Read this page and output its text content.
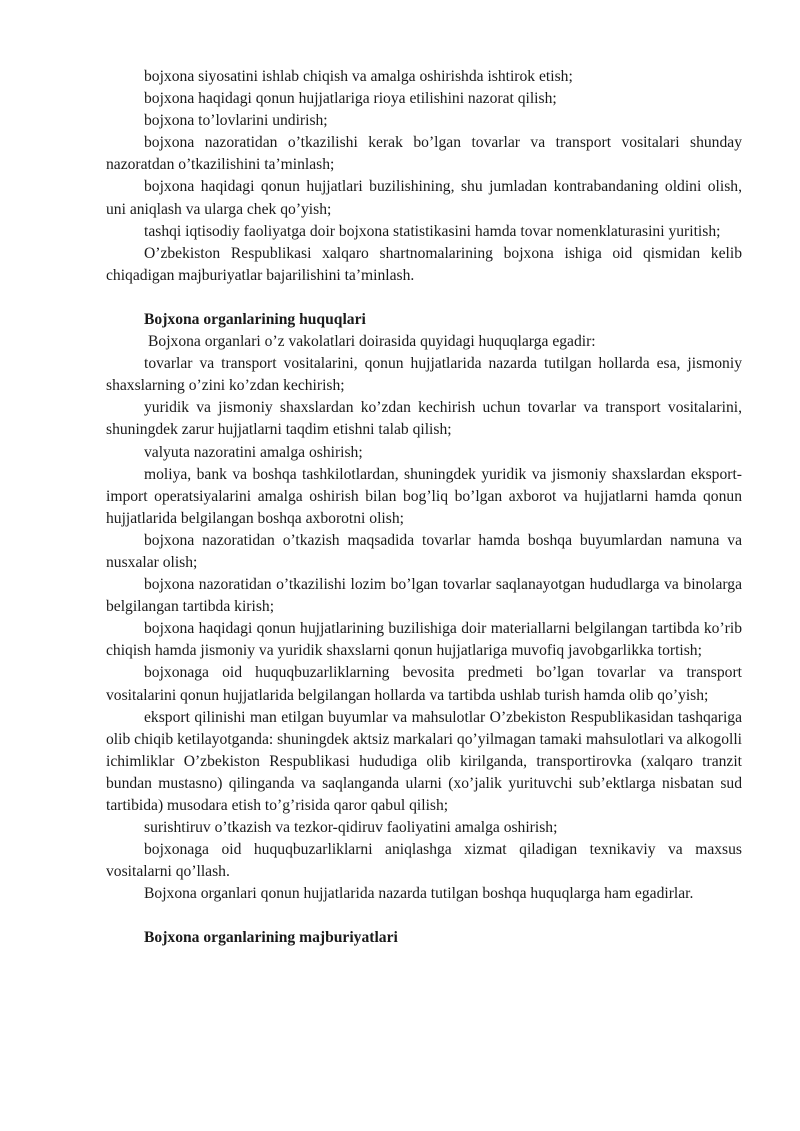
bojxona siyosatini ishlab chiqish va amalga oshirishda ishtirok etish;

bojxona haqidagi qonun hujjatlariga rioya etilishini nazorat qilish;

bojxona to’lovlarini undirish;

bojxona nazoratidan o’tkazilishi kerak bo’lgan tovarlar va transport vositalari shunday nazoratdan o’tkazilishini ta’minlash;

bojxona haqidagi qonun hujjatlari buzilishining, shu jumladan kontrabandaning oldini olish, uni aniqlash va ularga chek qo’yish;

tashqi iqtisodiy faoliyatga doir bojxona statistikasini hamda tovar nomenklaturasini yuritish;

O’zbekiston Respublikasi xalqaro shartnomalarining bojxona ishiga oid qismidan kelib chiqadigan majburiyatlar bajarilishini ta’minlash.

Bojxona organlarining huquqlari

Bojxona organlari o’z vakolatlari doirasida quyidagi huquqlarga egadir:

tovarlar va transport vositalarini, qonun hujjatlarida nazarda tutilgan hollarda esa, jismoniy shaxslarning o’zini ko’zdan kechirish;

yuridik va jismoniy shaxslardan ko’zdan kechirish uchun tovarlar va transport vositalarini, shuningdek zarur hujjatlarni taqdim etishni talab qilish;

valyuta nazoratini amalga oshirish;

moliya, bank va boshqa tashkilotlardan, shuningdek yuridik va jismoniy shaxslardan eksport-import operatsiyalarini amalga oshirish bilan bog’liq bo’lgan axborot va hujjatlarni hamda qonun hujjatlarida belgilangan boshqa axborotni olish;

bojxona nazoratidan o’tkazish maqsadida tovarlar hamda boshqa buyumlardan namuna va nusxalar olish;

bojxona nazoratidan o’tkazilishi lozim bo’lgan tovarlar saqlanayotgan hududlarga va binolarga belgilangan tartibda kirish;

bojxona haqidagi qonun hujjatlarining buzilishiga doir materiallarni belgilangan tartibda ko’rib chiqish hamda jismoniy va yuridik shaxslarni qonun hujjatlariga muvofiq javobgarlikka tortish;

bojxonaga oid huquqbuzarliklarning bevosita predmeti bo’lgan tovarlar va transport vositalarini qonun hujjatlarida belgilangan hollarda va tartibda ushlab turish hamda olib qo’yish;

eksport qilinishi man etilgan buyumlar va mahsulotlar O’zbekiston Respublikasidan tashqariga olib chiqib ketilayotganda: shuningdek aktsiz markalari qo’yilmagan tamaki mahsulotlari va alkogolli ichimliklar O’zbekiston Respublikasi hududiga olib kirilganda, transportirovka (xalqaro tranzit bundan mustasno) qilinganda va saqlanganda ularni (xo’jalik yurituvchi sub’ektlarga nisbatan sud tartibida) musodara etish to’g’risida qaror qabul qilish;

surishtiruv o’tkazish va tezkor-qidiruv faoliyatini amalga oshirish;

bojxonaga oid huquqbuzarliklarni aniqlashga xizmat qiladigan texnikaviy va maxsus vositalarni qo’llash.

Bojxona organlari qonun hujjatlarida nazarda tutilgan boshqa huquqlarga ham egadirlar.

Bojxona organlarining majburiyatlari
